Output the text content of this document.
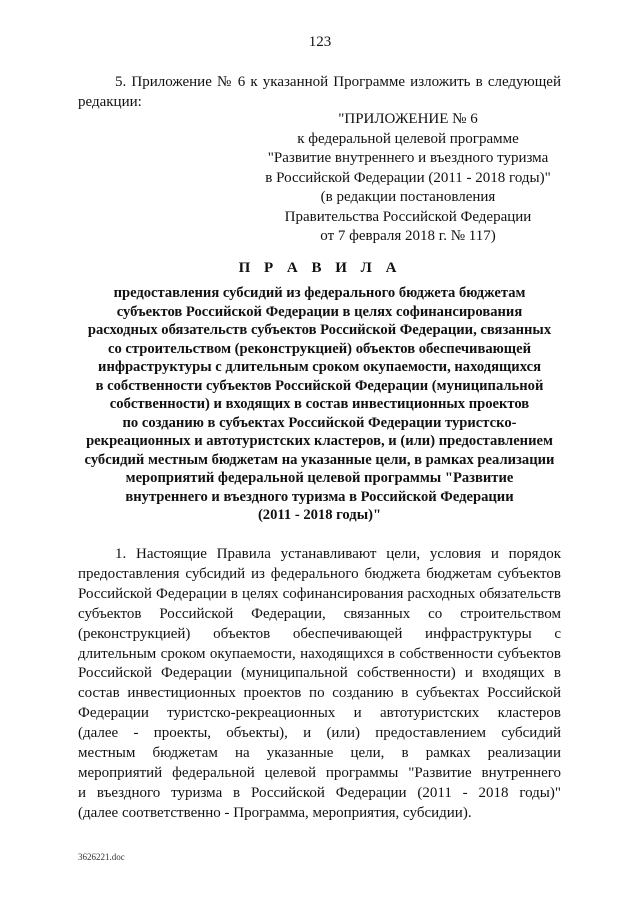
123

5. Приложение № 6 к указанной Программе изложить в следующей редакции:

"ПРИЛОЖЕНИЕ № 6
к федеральной целевой программе
"Развитие внутреннего и въездного туризма
в Российской Федерации (2011 - 2018 годы)"
(в редакции постановления
Правительства Российской Федерации
от 7 февраля 2018 г. № 117)
П Р А В И Л А
предоставления субсидий из федерального бюджета бюджетам
субъектов Российской Федерации в целях софинансирования
расходных обязательств субъектов Российской Федерации, связанных
со строительством (реконструкцией) объектов обеспечивающей
инфраструктуры с длительным сроком окупаемости, находящихся
в собственности субъектов Российской Федерации (муниципальной
собственности) и входящих в состав инвестиционных проектов
по созданию в субъектах Российской Федерации туристско-
рекреационных и автотуристских кластеров, и (или) предоставлением
субсидий местным бюджетам на указанные цели, в рамках реализации
мероприятий федеральной целевой программы "Развитие
внутреннего и въездного туризма в Российской Федерации
(2011 - 2018 годы)"
1. Настоящие Правила устанавливают цели, условия и порядок
предоставления субсидий из федерального бюджета бюджетам субъектов
Российской Федерации в целях софинансирования расходных обязательств
субъектов Российской Федерации, связанных со строительством
(реконструкцией) объектов обеспечивающей инфраструктуры с
длительным сроком окупаемости, находящихся в собственности субъектов
Российской Федерации (муниципальной собственности) и входящих в
состав инвестиционных проектов по созданию в субъектах Российской
Федерации туристско-рекреационных и автотуристских кластеров
(далее - проекты, объекты), и (или) предоставлением субсидий
местным бюджетам на указанные цели, в рамках реализации
мероприятий федеральной целевой программы "Развитие внутреннего
и въездного туризма в Российской Федерации (2011 - 2018 годы)"
(далее соответственно - Программа, мероприятия, субсидии).
3626221.doc
